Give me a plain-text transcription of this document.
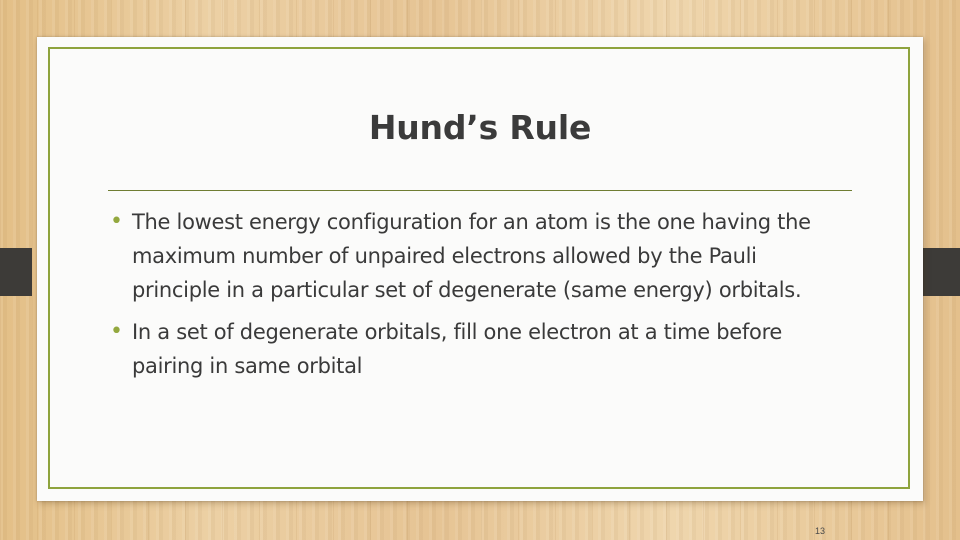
Hund’s Rule
• The lowest energy configuration for an atom is the one having the maximum number of unpaired electrons allowed by the Pauli principle in a particular set of degenerate (same energy) orbitals.
• In a set of degenerate orbitals, fill one electron at a time before pairing in same orbital
13
